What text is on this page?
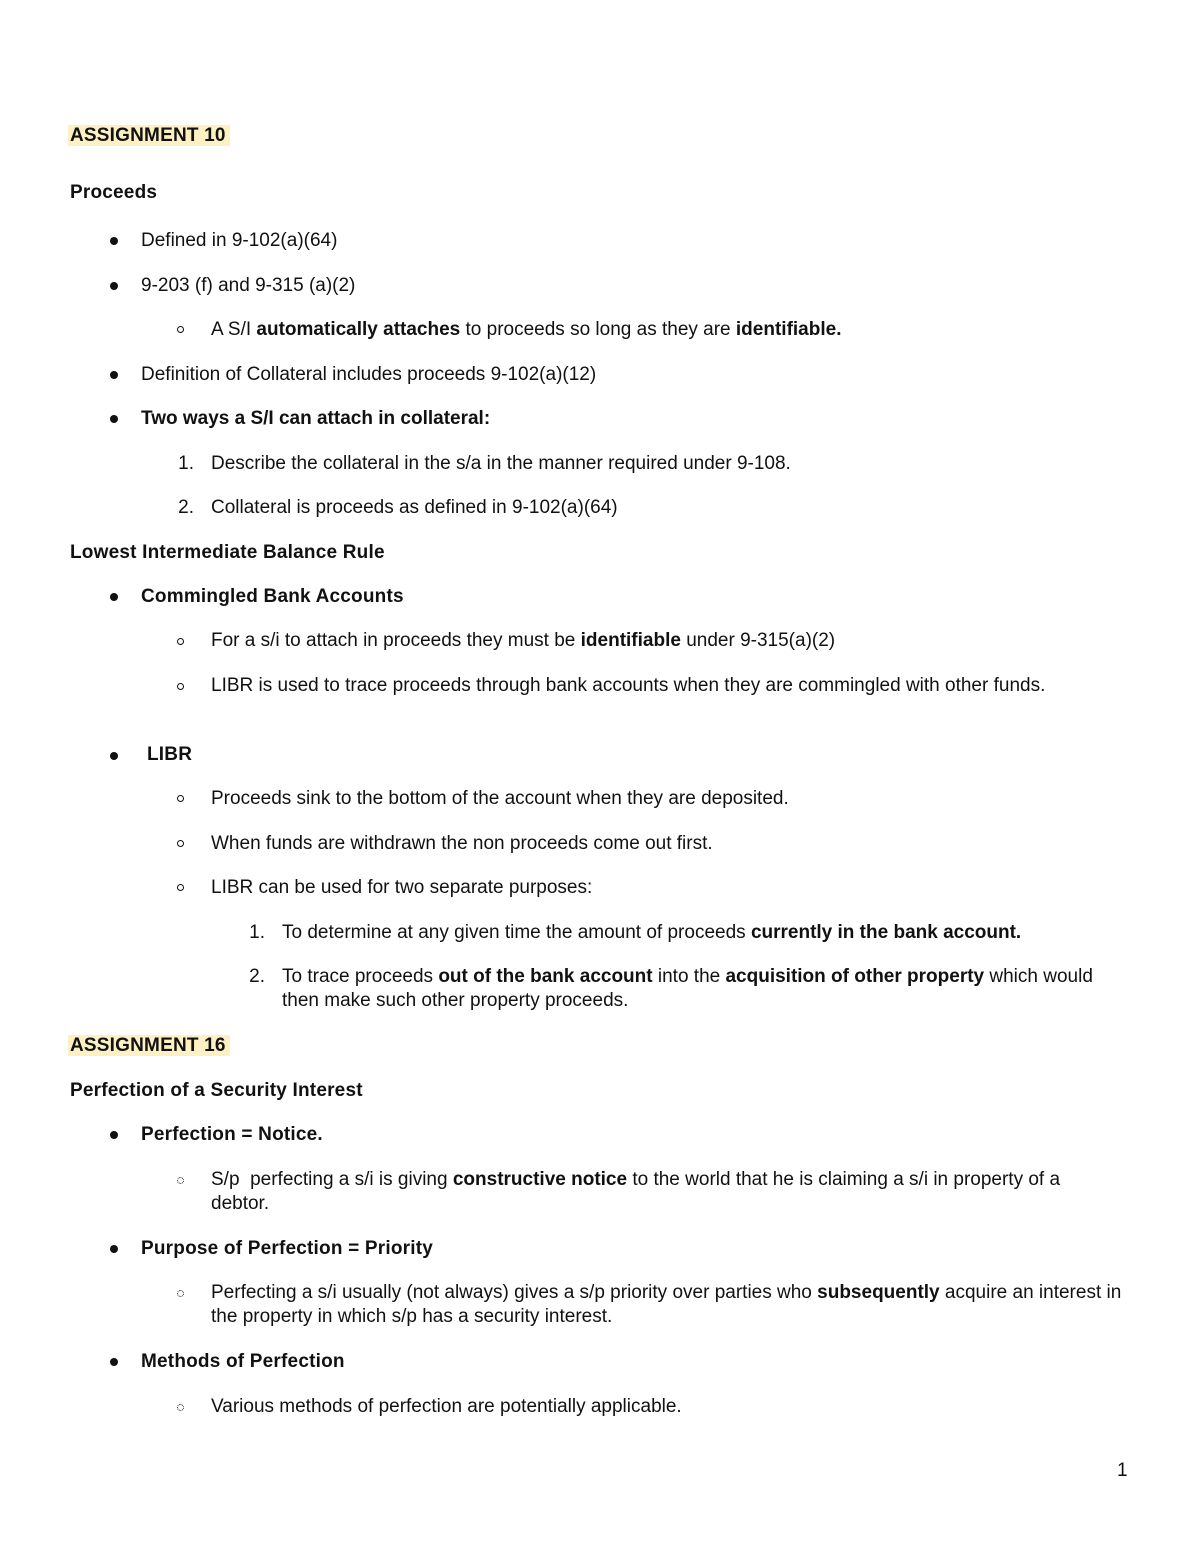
ASSIGNMENT 10
Proceeds
Defined in 9-102(a)(64)
9-203 (f) and 9-315 (a)(2)
A S/I automatically attaches to proceeds so long as they are identifiable.
Definition of Collateral includes proceeds 9-102(a)(12)
Two ways a S/I can attach in collateral:
1. Describe the collateral in the s/a in the manner required under 9-108.
2. Collateral is proceeds as defined in 9-102(a)(64)
Lowest Intermediate Balance Rule
Commingled Bank Accounts
For a s/i to attach in proceeds they must be identifiable under 9-315(a)(2)
LIBR is used to trace proceeds through bank accounts when they are commingled with other funds.
LIBR
Proceeds sink to the bottom of the account when they are deposited.
When funds are withdrawn the non proceeds come out first.
LIBR can be used for two separate purposes:
1. To determine at any given time the amount of proceeds currently in the bank account.
2. To trace proceeds out of the bank account into the acquisition of other property which would then make such other property proceeds.
ASSIGNMENT 16
Perfection of a Security Interest
Perfection = Notice.
S/p  perfecting a s/i is giving constructive notice to the world that he is claiming a s/i in property of a debtor.
Purpose of Perfection = Priority
Perfecting a s/i usually (not always) gives a s/p priority over parties who subsequently acquire an interest in the property in which s/p has a security interest.
Methods of Perfection
Various methods of perfection are potentially applicable.
1
